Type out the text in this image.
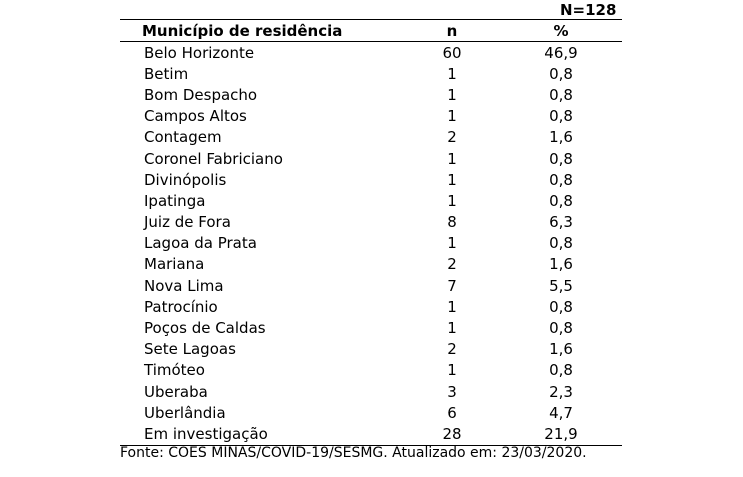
N=128
Município de residência	n	%
Belo Horizonte	60	46,9
Betim	1	0,8
Bom Despacho	1	0,8
Campos Altos	1	0,8
Contagem	2	1,6
Coronel Fabriciano	1	0,8
Divinópolis	1	0,8
Ipatinga	1	0,8
Juiz de Fora	8	6,3
Lagoa da Prata	1	0,8
Mariana	2	1,6
Nova Lima	7	5,5
Patrocínio	1	0,8
Poços de Caldas	1	0,8
Sete Lagoas	2	1,6
Timóteo	1	0,8
Uberaba	3	2,3
Uberlândia	6	4,7
Em investigação	28	21,9
Fonte: COES MINAS/COVID-19/SESMG. Atualizado em: 23/03/2020.
